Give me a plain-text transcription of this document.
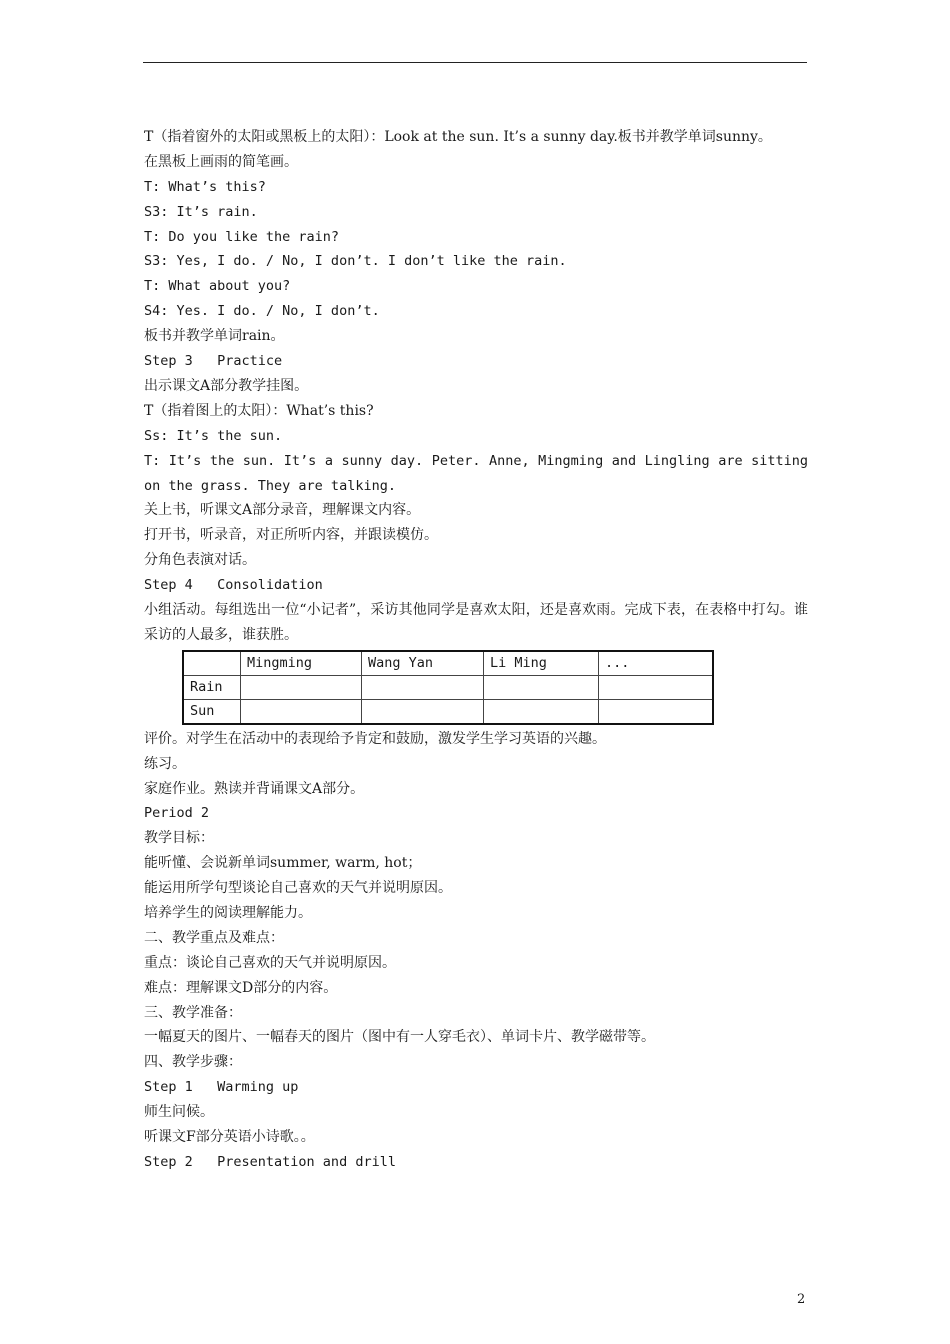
T（指着窗外的太阳或黑板上的太阳）：Look at the sun. It’s a sunny day.板书并教学单词sunny。
在黑板上画雨的简笔画。
T: What’s this?
S3: It’s rain.
T: Do you like the rain?
S3: Yes, I do. / No, I don’t. I don’t like the rain.
T: What about you?
S4: Yes. I do. / No, I don’t.
板书并教学单词rain。
Step 3   Practice
出示课文A部分教学挂图。
T（指着图上的太阳）：What’s this?
Ss: It’s the sun.
T: It’s the sun. It’s a sunny day. Peter. Anne, Mingming and Lingling are sitting on the grass. They are talking.
关上书，听课文A部分录音，理解课文内容。
打开书，听录音，对正所听内容，并跟读模仿。
分角色表演对话。
Step 4   Consolidation
小组活动。每组选出一位“小记者”，采访其他同学是喜欢太阳，还是喜欢雨。完成下表，在表格中打勾。谁采访的人最多，谁获胜。
	Mingming	Wang Yan	Li Ming	...
Rain				
Sun				
评价。对学生在活动中的表现给予肯定和鼓励，激发学生学习英语的兴趣。
练习。
家庭作业。熟读并背诵课文A部分。
Period 2
教学目标：
能听懂、会说新单词summer, warm, hot；
能运用所学句型谈论自己喜欢的天气并说明原因。
培养学生的阅读理解能力。
二、教学重点及难点：
重点：谈论自己喜欢的天气并说明原因。
难点：理解课文D部分的内容。
三、教学准备：
一幅夏天的图片、一幅春天的图片（图中有一人穿毛衣）、单词卡片、教学磁带等。
四、教学步骤：
Step 1   Warming up
师生问候。
听课文F部分英语小诗歌。。
Step 2   Presentation and drill
2
